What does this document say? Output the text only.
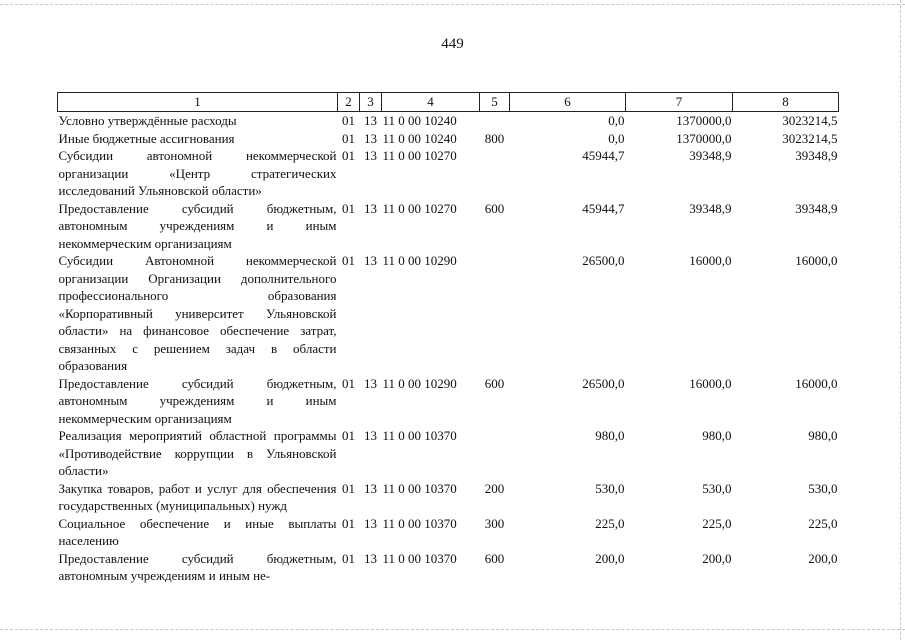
449
1	2	3	4	5	6	7	8
Условно утверждённые расходы	01	13	11 0 00 10240		0,0	1370000,0	3023214,5
Иные бюджетные ассигнования	01	13	11 0 00 10240	800	0,0	1370000,0	3023214,5
Субсидии автономной некоммерческой организации «Центр стратегических исследований Ульяновской области»	01	13	11 0 00 10270		45944,7	39348,9	39348,9
Предоставление субсидий бюджетным, автономным учреждениям и иным некоммерческим организациям	01	13	11 0 00 10270	600	45944,7	39348,9	39348,9
Субсидии Автономной некоммерческой организации Организации дополнительного профессионального образования «Корпоративный университет Ульяновской области» на финансовое обеспечение затрат, связанных с решением задач в области образования	01	13	11 0 00 10290		26500,0	16000,0	16000,0
Предоставление субсидий бюджетным, автономным учреждениям и иным некоммерческим организациям	01	13	11 0 00 10290	600	26500,0	16000,0	16000,0
Реализация мероприятий областной программы «Противодействие коррупции в Ульяновской области»	01	13	11 0 00 10370		980,0	980,0	980,0
Закупка товаров, работ и услуг для обеспечения государственных (муниципальных) нужд	01	13	11 0 00 10370	200	530,0	530,0	530,0
Социальное обеспечение и иные выплаты населению	01	13	11 0 00 10370	300	225,0	225,0	225,0
Предоставление субсидий бюджетным, автономным учреждениям и иным не-	01	13	11 0 00 10370	600	200,0	200,0	200,0
